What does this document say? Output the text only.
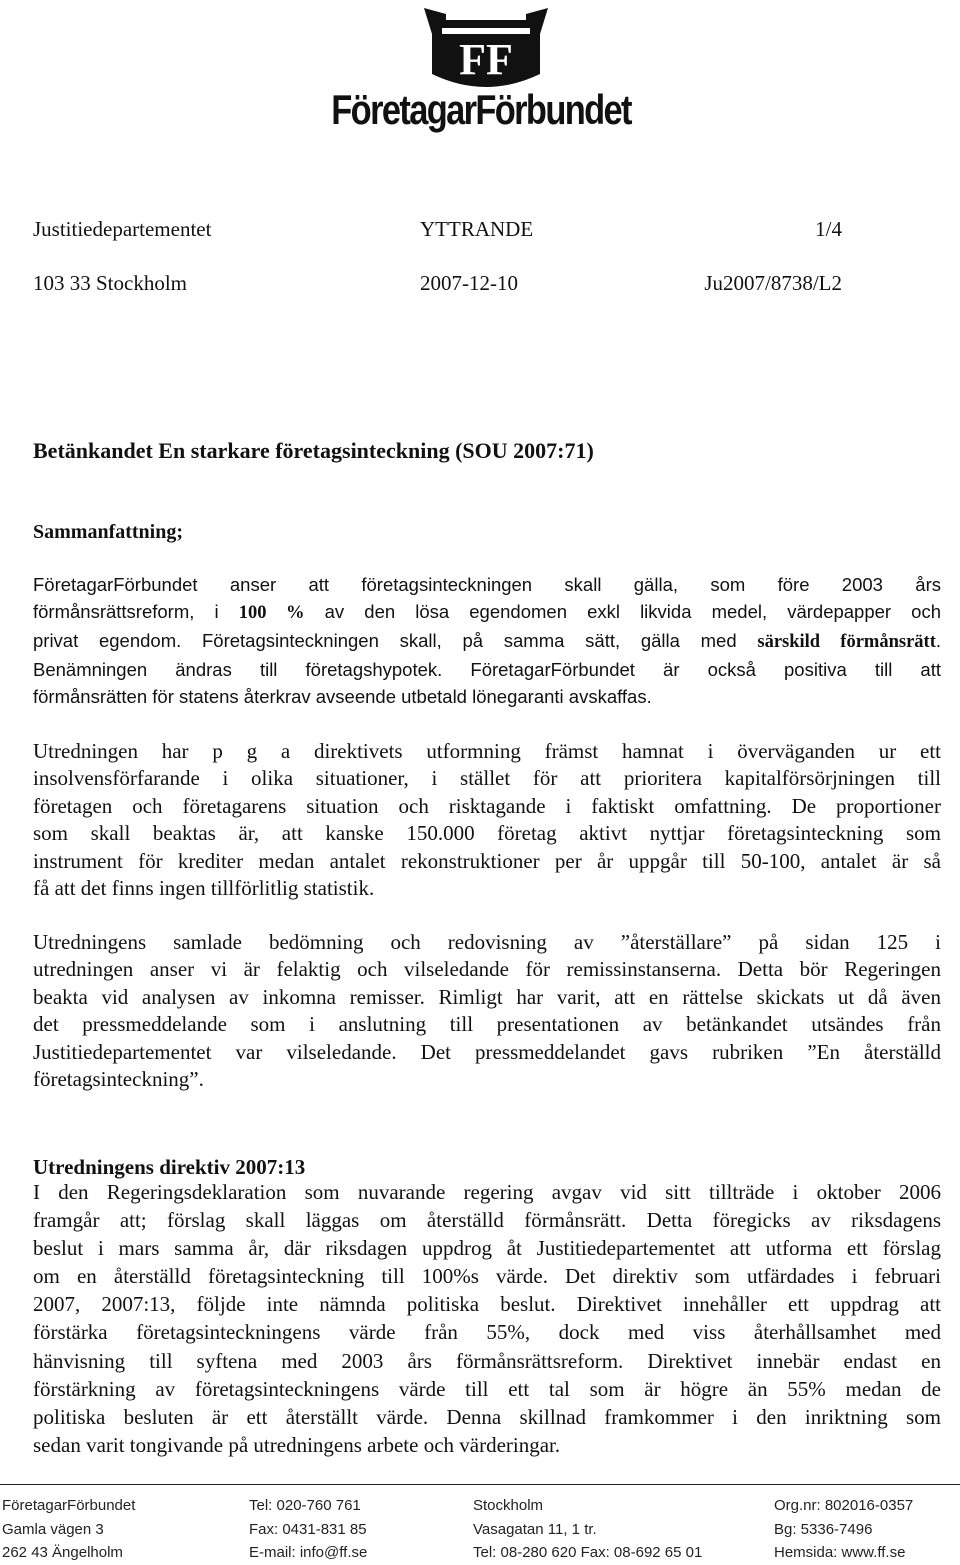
FF
FöretagarFörbundet
Justitiedepartementet
103 33 Stockholm
YTTRANDE
2007-12-10
1/4
Ju2007/8738/L2
Betänkandet En starkare företagsinteckning (SOU 2007:71)
Sammanfattning;

FöretagarFörbundet anser att företagsinteckningen skall gälla, som före 2003 års

förmånsrättsreform, i 100 % av den lösa egendomen exkl likvida medel, värdepapper och

privat egendom. Företagsinteckningen skall, på samma sätt, gälla med särskild förmånsrätt.

Benämningen ändras till företagshypotek. FöretagarFörbundet är också positiva till att

förmånsrätten för statens återkrav avseende utbetald lönegaranti avskaffas.

Utredningen har p g a direktivets utformning främst hamnat i överväganden ur ett

insolvensförfarande i olika situationer, i stället för att prioritera kapitalförsörjningen till

företagen och företagarens situation och risktagande i faktiskt omfattning. De proportioner

som skall beaktas är, att kanske 150.000 företag aktivt nyttjar företagsinteckning som

instrument för krediter medan antalet rekonstruktioner per år uppgår till 50-100, antalet är så

få att det finns ingen tillförlitlig statistik.

Utredningens samlade bedömning och redovisning av ”återställare” på sidan 125 i

utredningen anser vi är felaktig och vilseledande för remissinstanserna. Detta bör Regeringen

beakta vid analysen av inkomna remisser. Rimligt har varit, att en rättelse skickats ut då även

det pressmeddelande som i anslutning till presentationen av betänkandet utsändes från

Justitiedepartementet var vilseledande. Det pressmeddelandet gavs rubriken ”En återställd

företagsinteckning”.

Utredningens direktiv 2007:13

I den Regeringsdeklaration som nuvarande regering avgav vid sitt tillträde i oktober 2006

framgår att; förslag skall läggas om återställd förmånsrätt. Detta föregicks av riksdagens

beslut i mars samma år, där riksdagen uppdrog åt Justitiedepartementet att utforma ett förslag

om en återställd företagsinteckning till 100%s värde. Det direktiv som utfärdades i februari

2007, 2007:13, följde inte nämnda politiska beslut. Direktivet innehåller ett uppdrag att

förstärka företagsinteckningens värde från 55%, dock med viss återhållsamhet med

hänvisning till syftena med 2003 års förmånsrättsreform. Direktivet innebär endast en

förstärkning av företagsinteckningens värde till ett tal som är högre än 55% medan de

politiska besluten är ett återställt värde. Denna skillnad framkommer i den inriktning som

sedan varit tongivande på utredningens arbete och värderingar.

FöretagarFörbundet
Gamla vägen 3
262 43 Ängelholm
Tel: 020-760 761
Fax: 0431-831 85
E-mail: info@ff.se
Stockholm
Vasagatan 11, 1 tr.
Tel: 08-280 620 Fax: 08-692 65 01
Org.nr: 802016-0357
Bg: 5336-7496
Hemsida: www.ff.se
